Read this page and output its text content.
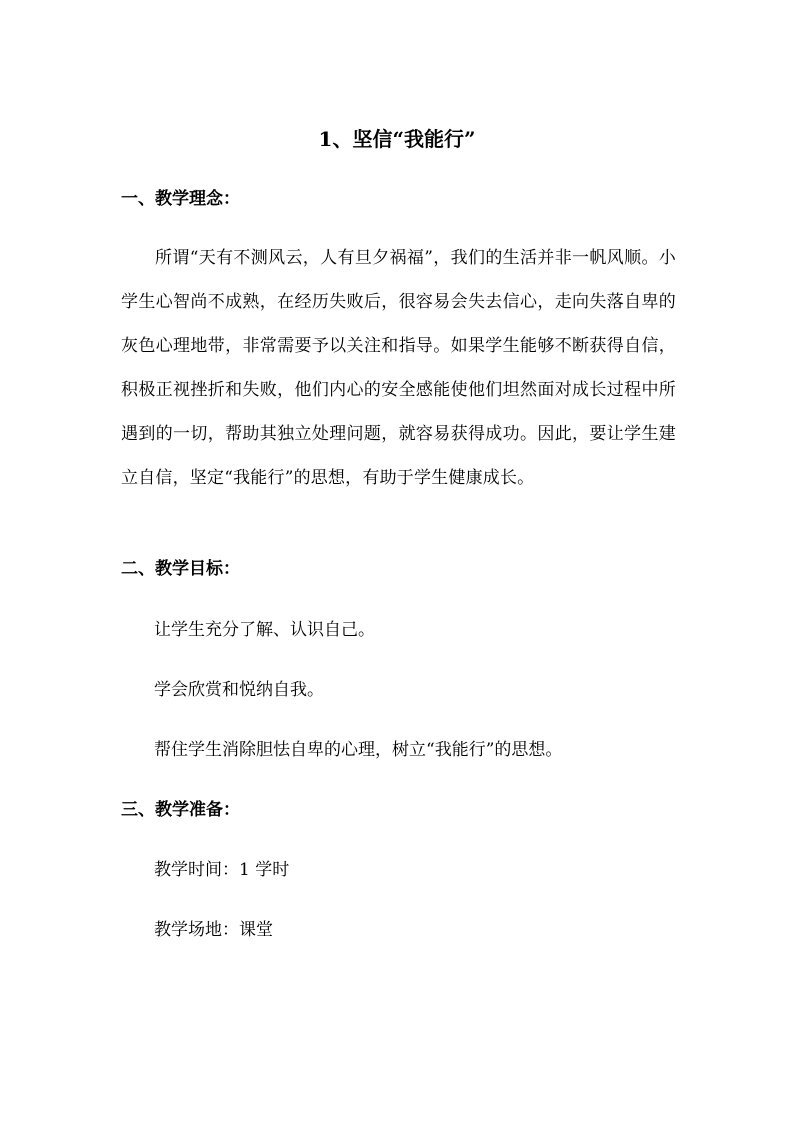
1、坚信“我能行”
一、教学理念：

所谓“天有不测风云，人有旦夕祸福”，我们的生活并非一帆风顺。小学生心智尚不成熟，在经历失败后，很容易会失去信心，走向失落自卑的灰色心理地带，非常需要予以关注和指导。如果学生能够不断获得自信，积极正视挫折和失败，他们内心的安全感能使他们坦然面对成长过程中所遇到的一切，帮助其独立处理问题，就容易获得成功。因此，要让学生建立自信，坚定“我能行”的思想，有助于学生健康成长。

二、教学目标：

让学生充分了解、认识自己。

学会欣赏和悦纳自我。

帮住学生消除胆怯自卑的心理，树立“我能行”的思想。

三、教学准备：

教学时间：1 学时

教学场地：课堂
